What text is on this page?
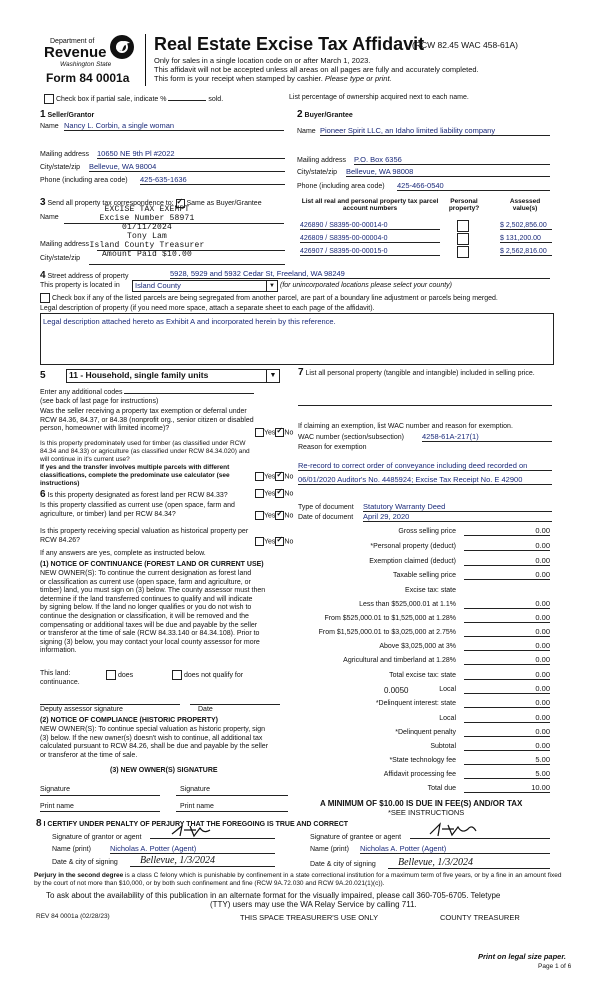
Department of
Revenue
Washington State
Form 84 0001a
Real Estate Excise Tax Affidavit
(RCW 82.45 WAC 458-61A)
Only for sales in a single location code on or after March 1, 2023.
This affidavit will not be accepted unless all areas on all pages are fully and accurately completed.
This form is your receipt when stamped by cashier. Please type or print.
Check box if partial sale, indicate %	sold.	List percentage of ownership acquired next to each name.
1 Seller/Grantor
Name Nancy L. Corbin, a single woman
Mailing address 10650 NE 9th Pl #2022
City/state/zip Bellevue, WA 98004
Phone (including area code) 425-635-1636
2 Buyer/Grantee
Name Pioneer Spirit LLC, an Idaho limited liability company
Mailing address P.O. Box 6356
City/state/zip Bellevue, WA 98008
Phone (including area code) 425-466-0540
3 Send all property tax correspondence to: ✓ Same as Buyer/Grantee
Name
Mailing address
City/state/zip
EXCISE TAX EXEMPT
Excise Number 58971
01/11/2024
Tony Lam
Island County Treasurer
Amount Paid $10.00
List all real and personal property tax parcel account numbers
Personal property?
Assessed value(s)
426890 / S8395-00-00014-0	$ 2,502,856.00
426809 / S8395-00-00004-0	$ 131,200.00
426907 / S8395-00-00015-0	$ 2,562,816.00
4 Street address of property	5928, 5929 and 5932 Cedar St, Freeland, WA 98249
This property is located in	Island County	▼ (for unincorporated locations please select your county)
Check box if any of the listed parcels are being segregated from another parcel, are part of a boundary line adjustment or parcels being merged.
Legal description of property (if you need more space, attach a separate sheet to each page of the affidavit).
Legal description attached hereto as Exhibit A and incorporated herein by this reference.
5	11 - Household, single family units	▼
Enter any additional codes
(see back of last page for instructions)
Was the seller receiving a property tax exemption or deferral under RCW 84.36, 84.37, or 84.38 (nonprofit org., senior citizen or disabled person, homeowner with limited income)?
Yes ✓ No
Is this property predominately used for timber (as classified under RCW 84.34 and 84.33) or agriculture (as classified under RCW 84.34.020) and will continue in it's current use?
If yes and the transfer involves multiple parcels with different classifications, complete the predominate use calculator (see instructions)
Yes ✓ No
6 Is this property designated as forest land per RCW 84.33?	Yes ✓ No
Is this property classified as current use (open space, farm and agriculture, or timber) land per RCW 84.34?	Yes ✓ No
Is this property receiving special valuation as historical property per RCW 84.26?	Yes ✓ No
If any answers are yes, complete as instructed below.
(1) NOTICE OF CONTINUANCE (FOREST LAND OR CURRENT USE)
NEW OWNER(S): To continue the current designation as forest land
or classification as current use (open space, farm and agriculture, or
timber) land, you must sign on (3) below. The county assessor must then
determine if the land transferred continues to qualify and will indicate
by signing below. If the land no longer qualifies or you do not wish to
continue the designation or classification, it will be removed and the
compensating or additional taxes will be due and payable by the seller
or transferor at the time of sale (RCW 84.33.140 or 84.34.108). Prior to
signing (3) below, you may contact your local county assessor for more
information.
This land:	does	does not qualify for
continuance.
Deputy assessor signature	Date
(2) NOTICE OF COMPLIANCE (HISTORIC PROPERTY)
NEW OWNER(S): To continue special valuation as historic property, sign
(3) below. If the new owner(s) doesn't wish to continue, all additional tax
calculated pursuant to RCW 84.26, shall be due and payable by the seller
or transferor at the time of sale.
(3) NEW OWNER(S) SIGNATURE
Signature	Signature
Print name	Print name
7 List all personal property (tangible and intangible) included in selling price.
If claiming an exemption, list WAC number and reason for exemption.
WAC number (section/subsection) 4258-61A-217(1)
Reason for exemption
Re-record to correct order of conveyance including deed recorded on
06/01/2020 Auditor's No. 4485924; Excise Tax Receipt No. E 42900
Type of document Statutory Warranty Deed
Date of document April 29, 2020
Gross selling price	0.00
*Personal property (deduct)	0.00
Exemption claimed (deduct)	0.00
Taxable selling price	0.00
Excise tax: state
Less than $525,000.01 at 1.1%	0.00
From $525,000.01 to $1,525,000 at 1.28%	0.00
From $1,525,000.01 to $3,025,000 at 2.75%	0.00
Above $3,025,000 at 3%	0.00
Agricultural and timberland at 1.28%	0.00
Total excise tax: state	0.00
Local	0.00
*Delinquent interest: state	0.00
Local	0.00
*Delinquent penalty	0.00
Subtotal	0.00
*State technology fee	5.00
Affidavit processing fee	5.00
Total due	10.00
0.0050
A MINIMUM OF $10.00 IS DUE IN FEE(S) AND/OR TAX
*SEE INSTRUCTIONS
8 I CERTIFY UNDER PENALTY OF PERJURY THAT THE FOREGOING IS TRUE AND CORRECT
Signature of grantor or agent	Signature of grantee or agent
Name (print)	Nicholas A. Potter (Agent)	Name (print) Nicholas A. Potter (Agent)
Date & city of signing	Bellevue, 1/3/2024	Date & city of signing	Bellevue, 1/3/2024
Perjury in the second degree is a class C felony which is punishable by confinement in a state correctional institution for a maximum term of five years, or by a fine in an amount fixed by the court of not more than $10,000, or by both such confinement and fine (RCW 9A.72.030 and RCW 9A.20.021(1)(c)).
To ask about the availability of this publication in an alternate format for the visually impaired, please call 360-705-6705. Teletype
(TTY) users may use the WA Relay Service by calling 711.
REV 84 0001a (02/28/23)	THIS SPACE TREASURER'S USE ONLY	COUNTY TREASURER
Print on legal size paper.
Page 1 of 6
